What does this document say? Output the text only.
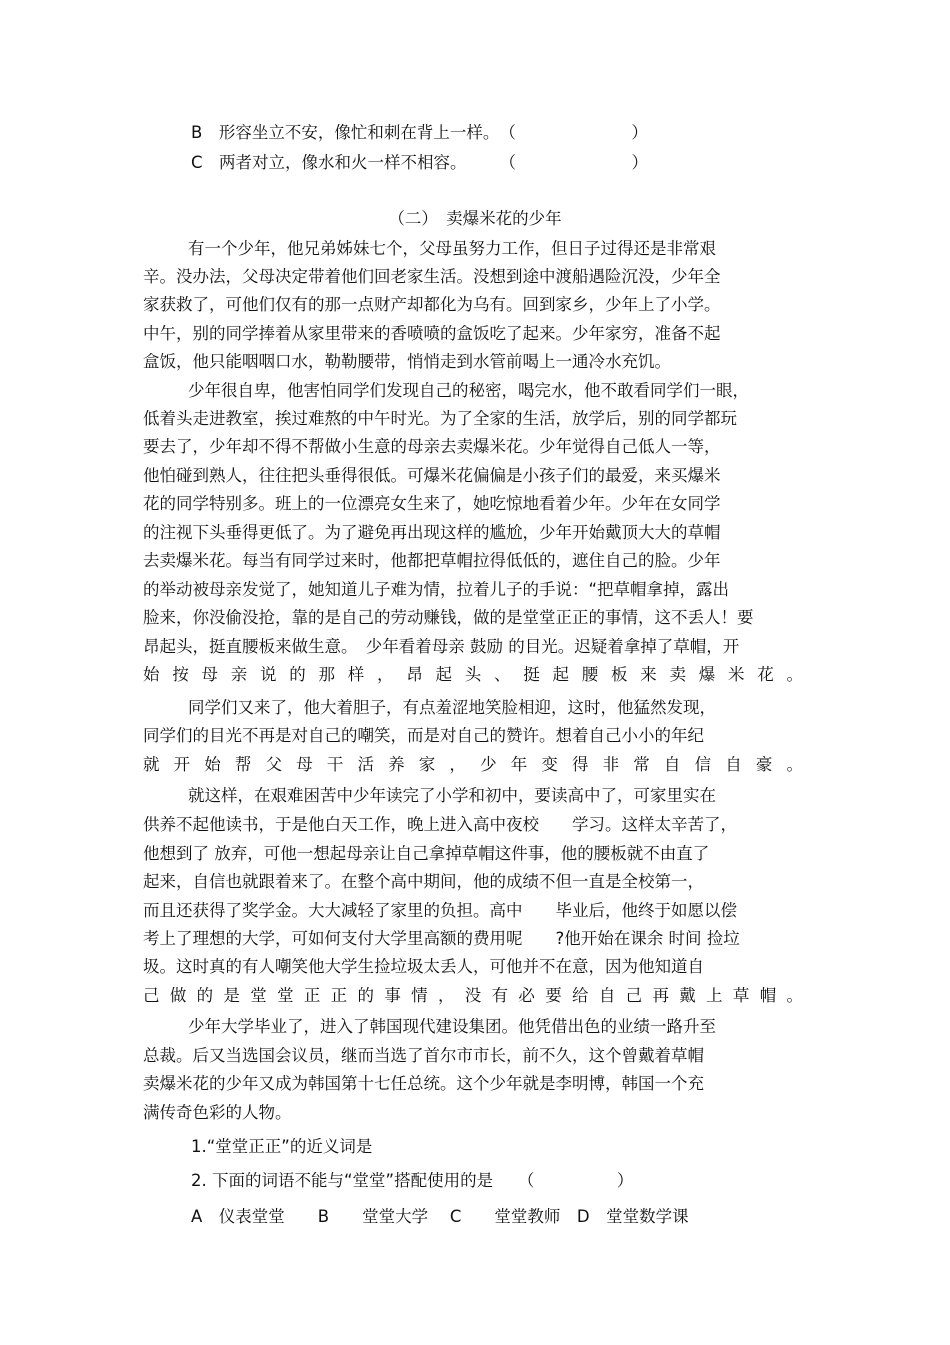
B　形容坐立不安，像忙和刺在背上一样。　（　　　　　　　）
C　两者对立，像水和火一样不相容。　　　（　　　　　　　）
（二）　卖爆米花的少年
有一个少年，他兄弟姊妹七个，父母虽努力工作，但日子过得还是非常艰
辛。没办法，父母决定带着他们回老家生活。没想到途中渡船遇险沉没，少年全
家获救了，可他们仅有的那一点财产却都化为乌有。回到家乡，少年上了小学。
中午，别的同学捧着从家里带来的香喷喷的盒饭吃了起来。少年家穷，准备不起
盒饭，他只能咽咽口水，勒勒腰带，悄悄走到水管前喝上一通冷水充饥。
少年很自卑，他害怕同学们发现自己的秘密，喝完水，他不敢看同学们一眼，
低着头走进教室，挨过难熬的中午时光。为了全家的生活，放学后，别的同学都玩
要去了，少年却不得不帮做小生意的母亲去卖爆米花。少年觉得自己低人一等，
他怕碰到熟人，往往把头垂得很低。可爆米花偏偏是小孩子们的最爱，来买爆米
花的同学特别多。班上的一位漂亮女生来了，她吃惊地看着少年。少年在女同学
的注视下头垂得更低了。为了避免再出现这样的尴尬，少年开始戴顶大大的草帽
去卖爆米花。每当有同学过来时，他都把草帽拉得低低的，遮住自己的脸。少年
的举动被母亲发觉了，她知道儿子难为情，拉着儿子的手说：“把草帽拿掉，露出
脸来，你没偷没抢，靠的是自己的劳动赚钱，做的是堂堂正正的事情，这不丢人！要
昂起头，挺直腰板来做生意。　少年看着母亲 鼓励 的目光。迟疑着拿掉了草帽，开
始按母亲说的那样，昂起头、挺起腰板来卖爆米花。
同学们又来了，他大着胆子，有点羞涩地笑脸相迎，这时，他猛然发现，
同学们的目光不再是对自己的嘲笑，而是对自己的赞许。想着自己小小的年纪
就开始帮父母干活养家，少年变得非常自信自豪。
就这样，在艰难困苦中少年读完了小学和初中，要读高中了，可家里实在
供养不起他读书，于是他白天工作，晚上进入高中夜校　　学习。这样太辛苦了，
他想到了 放弃，可他一想起母亲让自己拿掉草帽这件事，他的腰板就不由直了
起来，自信也就跟着来了。在整个高中期间，他的成绩不但一直是全校第一，
而且还获得了奖学金。大大减轻了家里的负担。高中　　毕业后，他终于如愿以偿
考上了理想的大学，可如何支付大学里高额的费用呢　　?他开始在课余 时间 捡垃
圾。这时真的有人嘲笑他大学生捡垃圾太丢人，可他并不在意，因为他知道自
己做的是堂堂正正的事情，没有必要给自己再戴上草帽。
少年大学毕业了，进入了韩国现代建设集团。他凭借出色的业绩一路升至
总裁。后又当选国会议员，继而当选了首尔市市长，前不久，这个曾戴着草帽
卖爆米花的少年又成为韩国第十七任总统。这个少年就是李明博，韩国一个充
满传奇色彩的人物。
1.“堂堂正正”的近义词是
2. 下面的词语不能与“堂堂”搭配使用的是　　（　　　　　）
A　仪表堂堂　　B　　堂堂大学　 C　　堂堂教师　D　堂堂数学课
